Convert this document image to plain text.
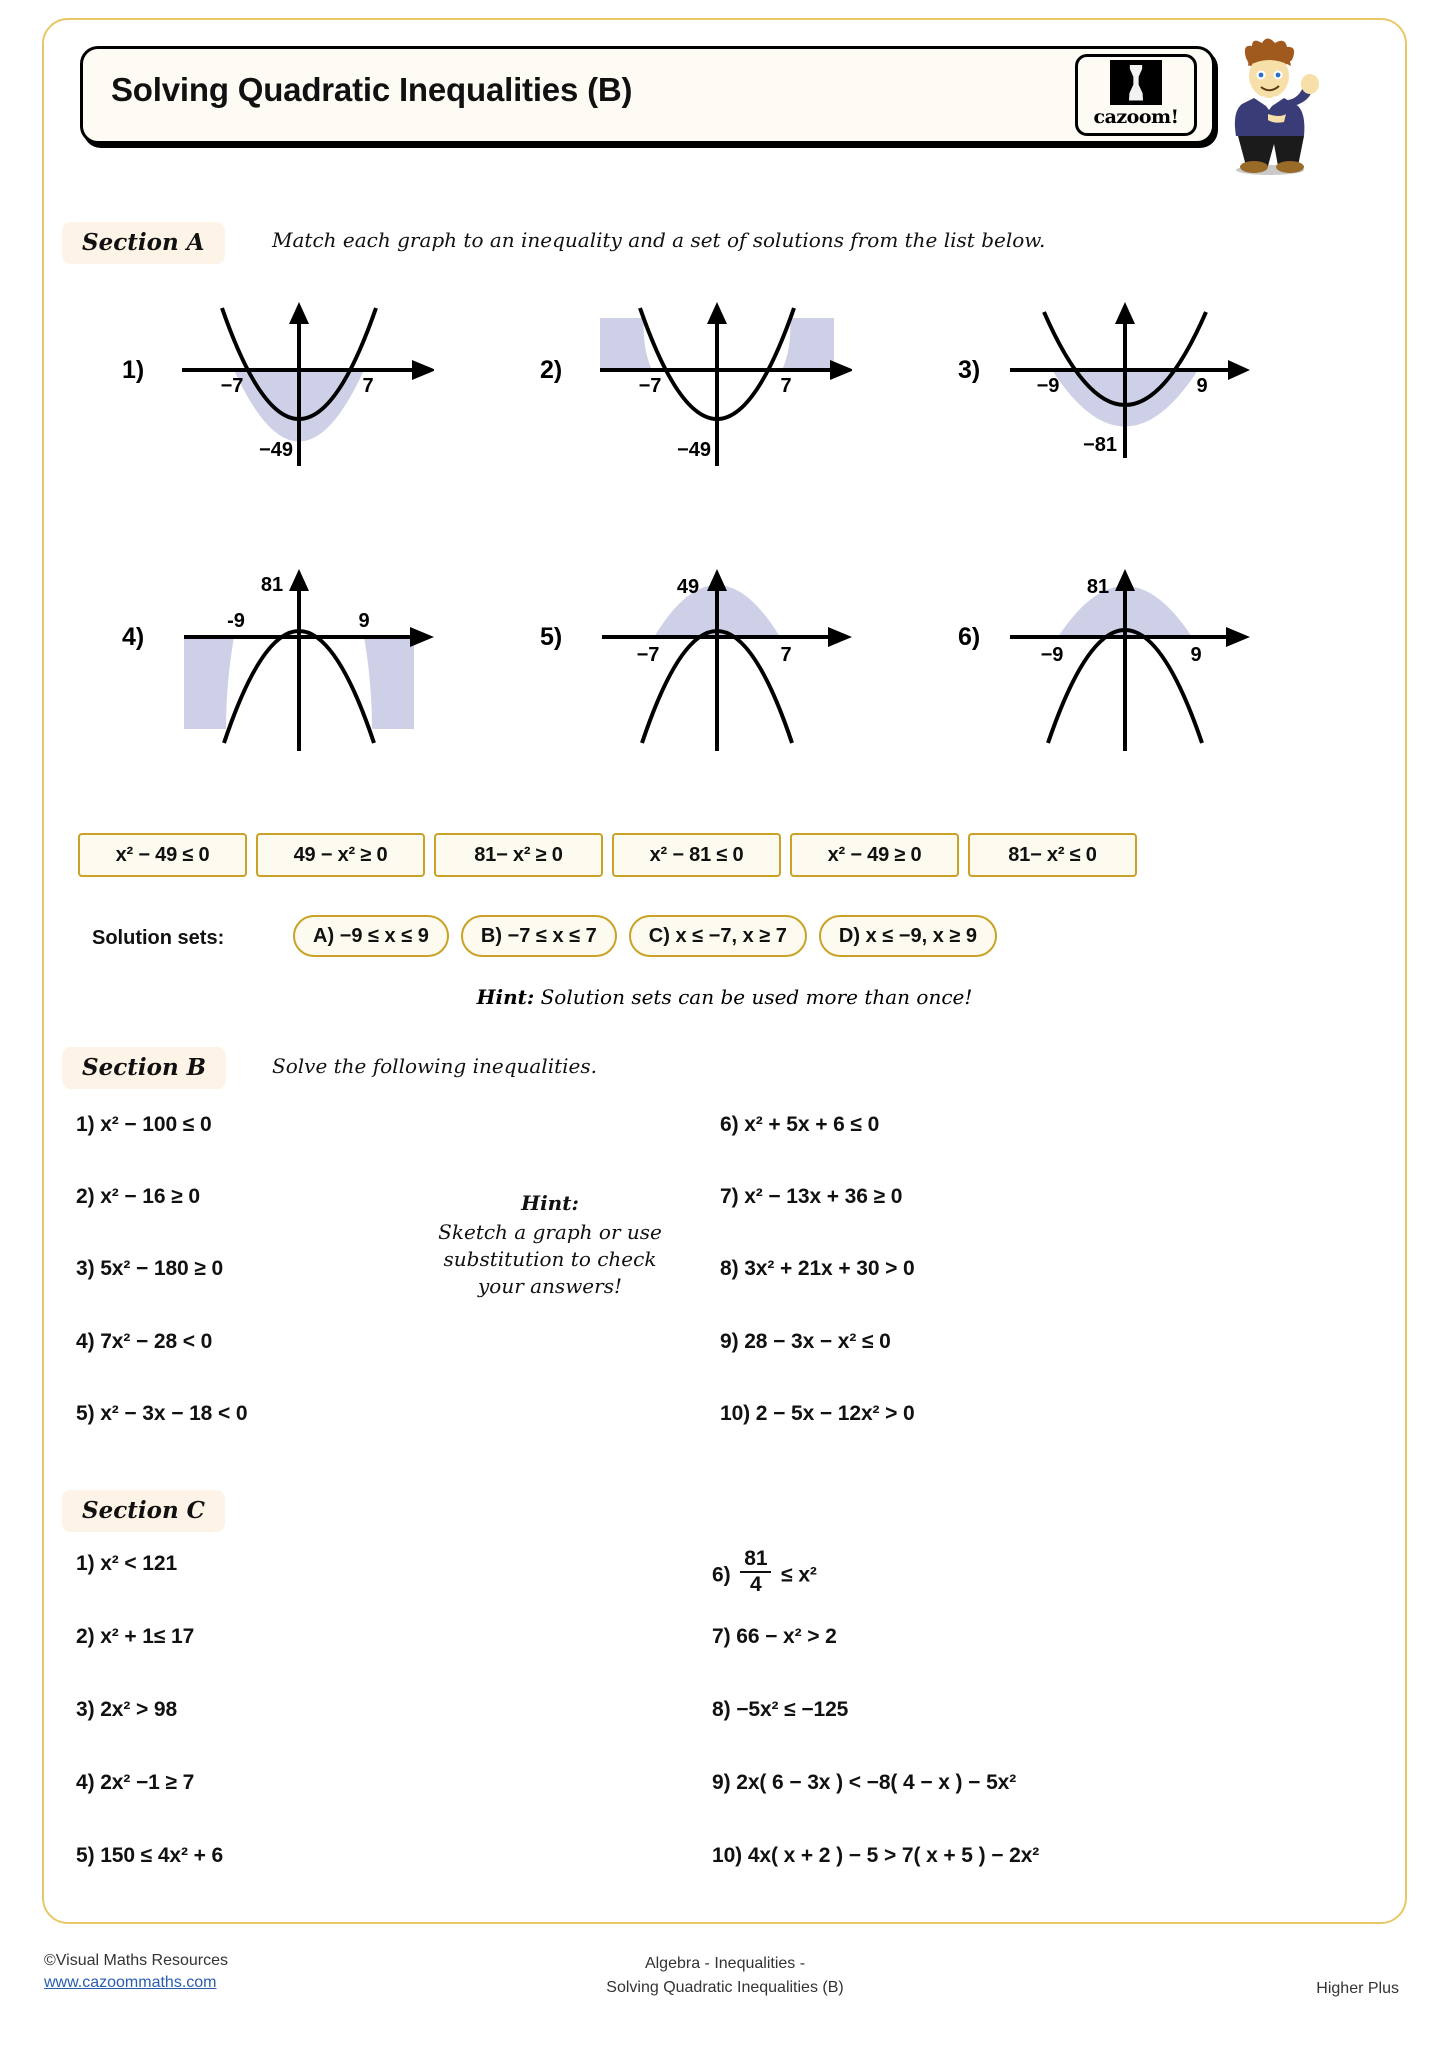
Solving Quadratic Inequalities (B)
cazoom!
Section A	Match each graph to an inequality and a set of solutions from the list below.
1)
−7	7
−49
2)
−7	7
−49
3)
−9	9
−81
4)
-9	9
81
5)
−7	7
49
6)
−9	9
81
x² − 49 ≤ 0	49 − x² ≥ 0	81− x² ≥ 0	x² − 81 ≤ 0	x² − 49 ≥ 0	81− x² ≤ 0
Solution sets:	A) −9 ≤ x ≤ 9	B) −7 ≤ x ≤ 7	C) x ≤ −7, x ≥ 7	D) x ≤ −9, x ≥ 9
Hint: Solution sets can be used more than once!
Section B	Solve the following inequalities.
1) x² − 100 ≤ 0
2) x² − 16 ≥ 0
3) 5x² − 180 ≥ 0
4) 7x² − 28 < 0
5) x² − 3x − 18 < 0
Hint:
Sketch a graph or use substitution to check your answers!
6) x² + 5x + 6 ≤ 0
7) x² − 13x + 36 ≥ 0
8) 3x² + 21x + 30 > 0
9) 28 − 3x − x² ≤ 0
10) 2 − 5x − 12x² > 0
Section C
1) x² < 121
2) x² + 1≤ 17
3) 2x² > 98
4) 2x² −1 ≥ 7
5) 150 ≤ 4x² + 6
$6) \frac{81}{4} \le x^2$
7) 66 − x² > 2
8) −5x² ≤ −125
9) 2x( 6 − 3x ) < −8( 4 − x ) − 5x²
10) 4x( x + 2 ) − 5 > 7( x + 5 ) − 2x²
©Visual Maths Resources
www.cazoommaths.com
Algebra - Inequalities -
Solving Quadratic Inequalities (B)	Higher Plus
